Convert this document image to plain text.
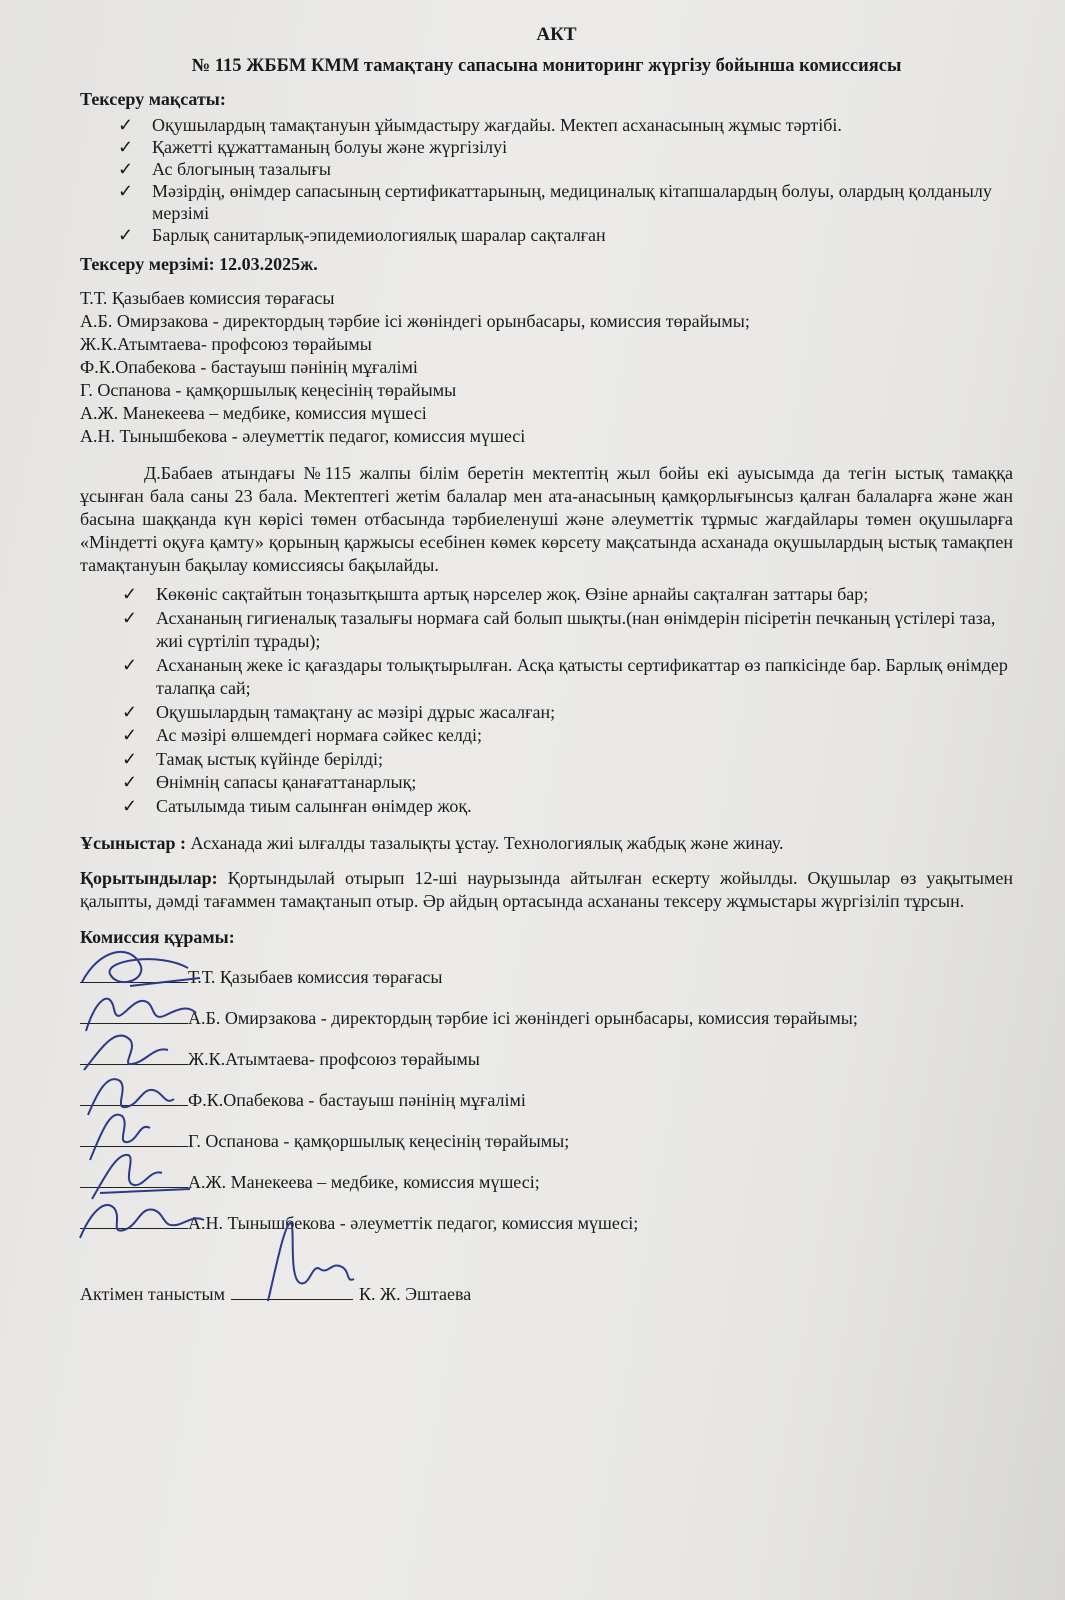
АКТ
№ 115 ЖББМ КММ тамақтану сапасына мониторинг жүргізу бойынша комиссиясы
Тексеру мақсаты:
✓ Оқушылардың тамақтануын ұйымдастыру жағдайы. Мектеп асханасының жұмыс тәртібі.
✓ Қажетті құжаттаманың болуы және жүргізілуі
✓ Ас блогының тазалығы
✓ Мәзірдің, өнімдер сапасының сертификаттарының, медициналық кітапшалардың болуы, олардың қолданылу мерзімі
✓ Барлық санитарлық-эпидемиологиялық шаралар сақталған
Тексеру мерзімі: 12.03.2025ж.
Т.Т. Қазыбаев комиссия төрағасы
А.Б. Омирзакова - директордың тәрбие ісі жөніндегі орынбасары, комиссия төрайымы;
Ж.К.Атымтаева- профсоюз төрайымы
Ф.К.Опабекова - бастауыш пәнінің мұғалімі
Г. Оспанова - қамқоршылық кеңесінің төрайымы
А.Ж. Манекеева – медбике, комиссия мүшесі
А.Н. Тынышбекова - әлеуметтік педагог, комиссия мүшесі

Д.Бабаев атындағы №115 жалпы білім беретін мектептің жыл бойы екі ауысымда да тегін ыстық тамаққа ұсынған бала саны 23 бала. Мектептегі жетім балалар мен ата-анасының қамқорлығынсыз қалған балаларға және жан басына шаққанда күн көрісі төмен отбасында тәрбиеленуші және әлеуметтік тұрмыс жағдайлары төмен оқушыларға «Міндетті оқуға қамту» қорының қаржысы есебінен көмек көрсету мақсатында асханада оқушылардың ыстық тамақпен тамақтануын бақылау комиссиясы бақылайды.

✓ Көкөніс сақтайтын тоңазытқышта артық нәрселер жоқ. Өзіне арнайы сақталған заттары бар;
✓ Асхананың гигиеналық тазалығы нормаға сай болып шықты.(нан өнімдерін пісіретін печканың үстілері таза, жиі сүртіліп тұрады);
✓ Асхананың жеке іс қағаздары толықтырылған. Асқа қатысты сертификаттар өз папкісінде бар. Барлық өнімдер талапқа сай;
✓ Оқушылардың тамақтану ас мәзірі дұрыс жасалған;
✓ Ас мәзірі өлшемдегі нормаға сәйкес келді;
✓ Тамақ ыстық күйінде берілді;
✓ Өнімнің сапасы қанағаттанарлық;
✓ Сатылымда тиым салынған өнімдер жоқ.
Ұсыныстар : Асханада жиі ылғалды тазалықты ұстау. Технологиялық жабдық және жинау.
Қорытындылар: Қортындылай отырып 12-ші наурызында айтылған ескерту жойылды. Оқушылар өз уақытымен қалыпты, дәмді тағаммен тамақтанып отыр. Әр айдың ортасында асхананы тексеру жұмыстары жүргізіліп тұрсын.
Комиссия құрамы:
Т.Т. Қазыбаев комиссия төрағасы
А.Б. Омирзакова - директордың тәрбие ісі жөніндегі орынбасары, комиссия төрайымы;
Ж.К.Атымтаева- профсоюз төрайымы
Ф.К.Опабекова - бастауыш пәнінің мұғалімі
Г. Оспанова - қамқоршылық кеңесінің төрайымы;
А.Ж. Манекеева – медбике, комиссия мүшесі;
А.Н. Тынышбекова - әлеуметтік педагог, комиссия мүшесі;
Актімен таныстым	К. Ж. Эштаева
